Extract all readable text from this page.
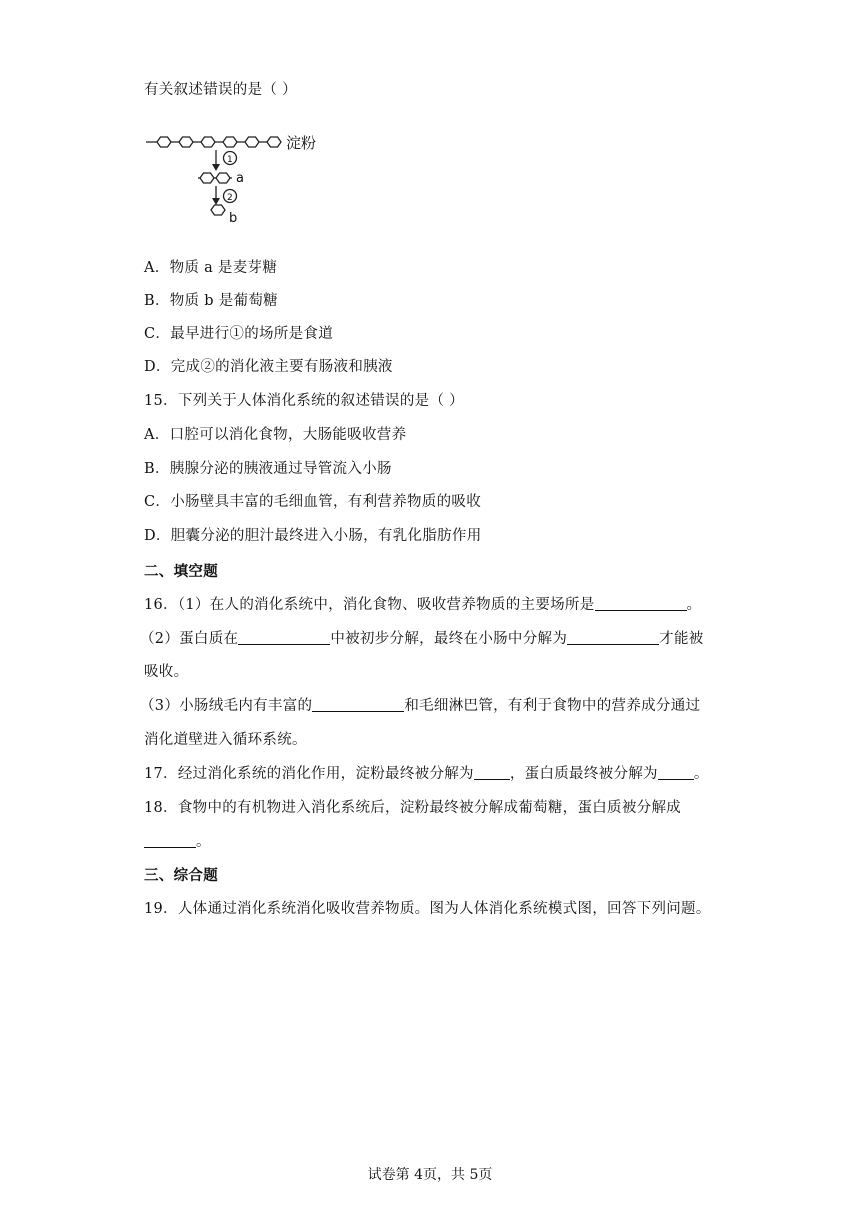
有关叙述错误的是（ ）
淀粉
a
b
1
2
A．物质 a 是麦芽糖
B．物质 b 是葡萄糖
C．最早进行①的场所是食道
D．完成②的消化液主要有肠液和胰液
15．下列关于人体消化系统的叙述错误的是（ ）
A．口腔可以消化食物，大肠能吸收营养
B．胰腺分泌的胰液通过导管流入小肠
C．小肠壁具丰富的毛细血管，有利营养物质的吸收
D．胆囊分泌的胆汁最终进入小肠，有乳化脂肪作用
二、填空题
16．（1）在人的消化系统中，消化食物、吸收营养物质的主要场所是	。
（2）蛋白质在	中被初步分解，最终在小肠中分解为	才能被
吸收。
（3）小肠绒毛内有丰富的	和毛细淋巴管，有利于食物中的营养成分通过
消化道壁进入循环系统。
17．经过消化系统的消化作用，淀粉最终被分解为 ，蛋白质最终被分解为 。
18．食物中的有机物进入消化系统后，淀粉最终被分解成葡萄糖，蛋白质被分解成
。
三、综合题
19．人体通过消化系统消化吸收营养物质。图为人体消化系统模式图，回答下列问题。
试卷第 4页，共 5页
